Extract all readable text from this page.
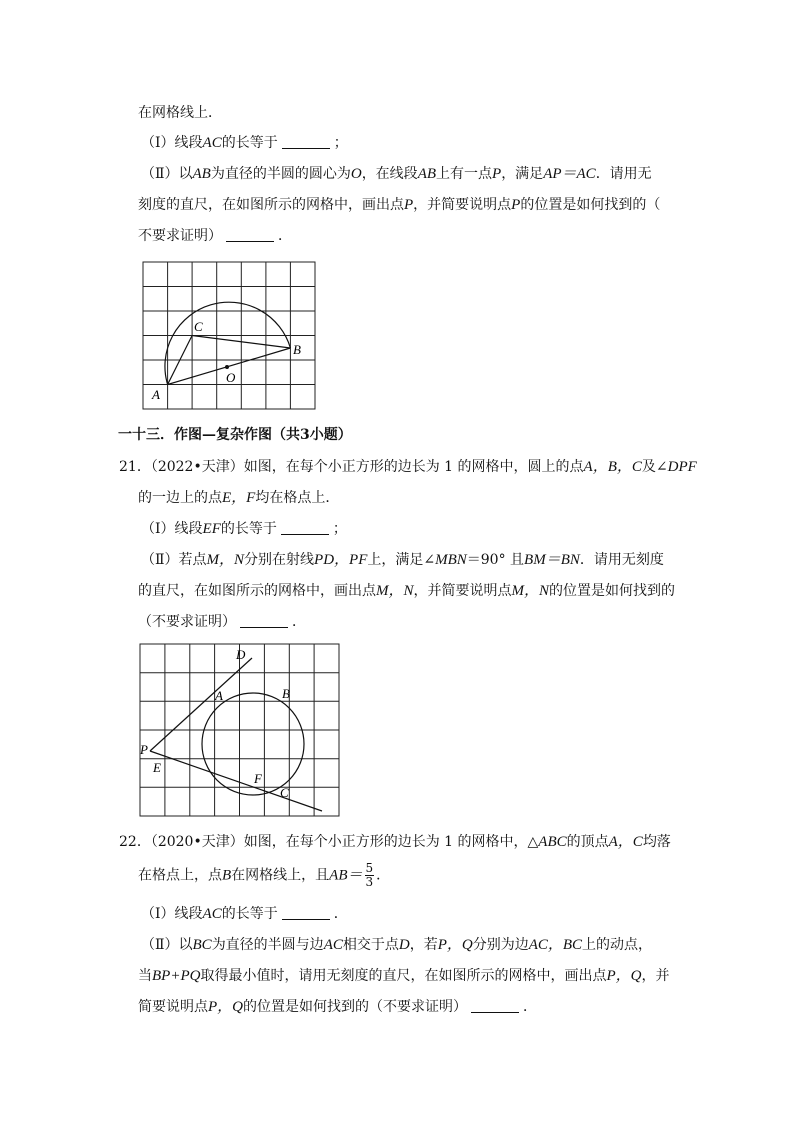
在网格线上．
（Ⅰ）线段AC的长等于	；
（Ⅱ）以AB为直径的半圆的圆心为O，在线段AB上有一点P，满足AP＝AC．请用无
刻度的直尺，在如图所示的网格中，画出点P，并简要说明点P的位置是如何找到的（
不要求证明）	．
C
B
O
A
一十三．作图—复杂作图（共3小题）
21．（2022•天津）如图，在每个小正方形的边长为 1 的网格中，圆上的点A，B，C及∠DPF
的一边上的点E，F均在格点上．
（Ⅰ）线段EF的长等于	；
（Ⅱ）若点M，N分别在射线PD，PF上，满足∠MBN＝90° 且BM＝BN．请用无刻度
的直尺，在如图所示的网格中，画出点M，N，并简要说明点M，N的位置是如何找到的
（不要求证明）	．
D
A	B
P
E
F
C
22．（2020•天津）如图，在每个小正方形的边长为 1 的网格中，△ABC的顶点A，C均落
在格点上，点B在网格线上，且$AB= \frac{5}{3}$ ．
（Ⅰ）线段AC的长等于	．
（Ⅱ）以BC为直径的半圆与边AC相交于点D，若P，Q分别为边AC，BC上的动点，
当BP+PQ取得最小值时，请用无刻度的直尺，在如图所示的网格中，画出点P，Q，并
简要说明点P，Q的位置是如何找到的（不要求证明）	．
